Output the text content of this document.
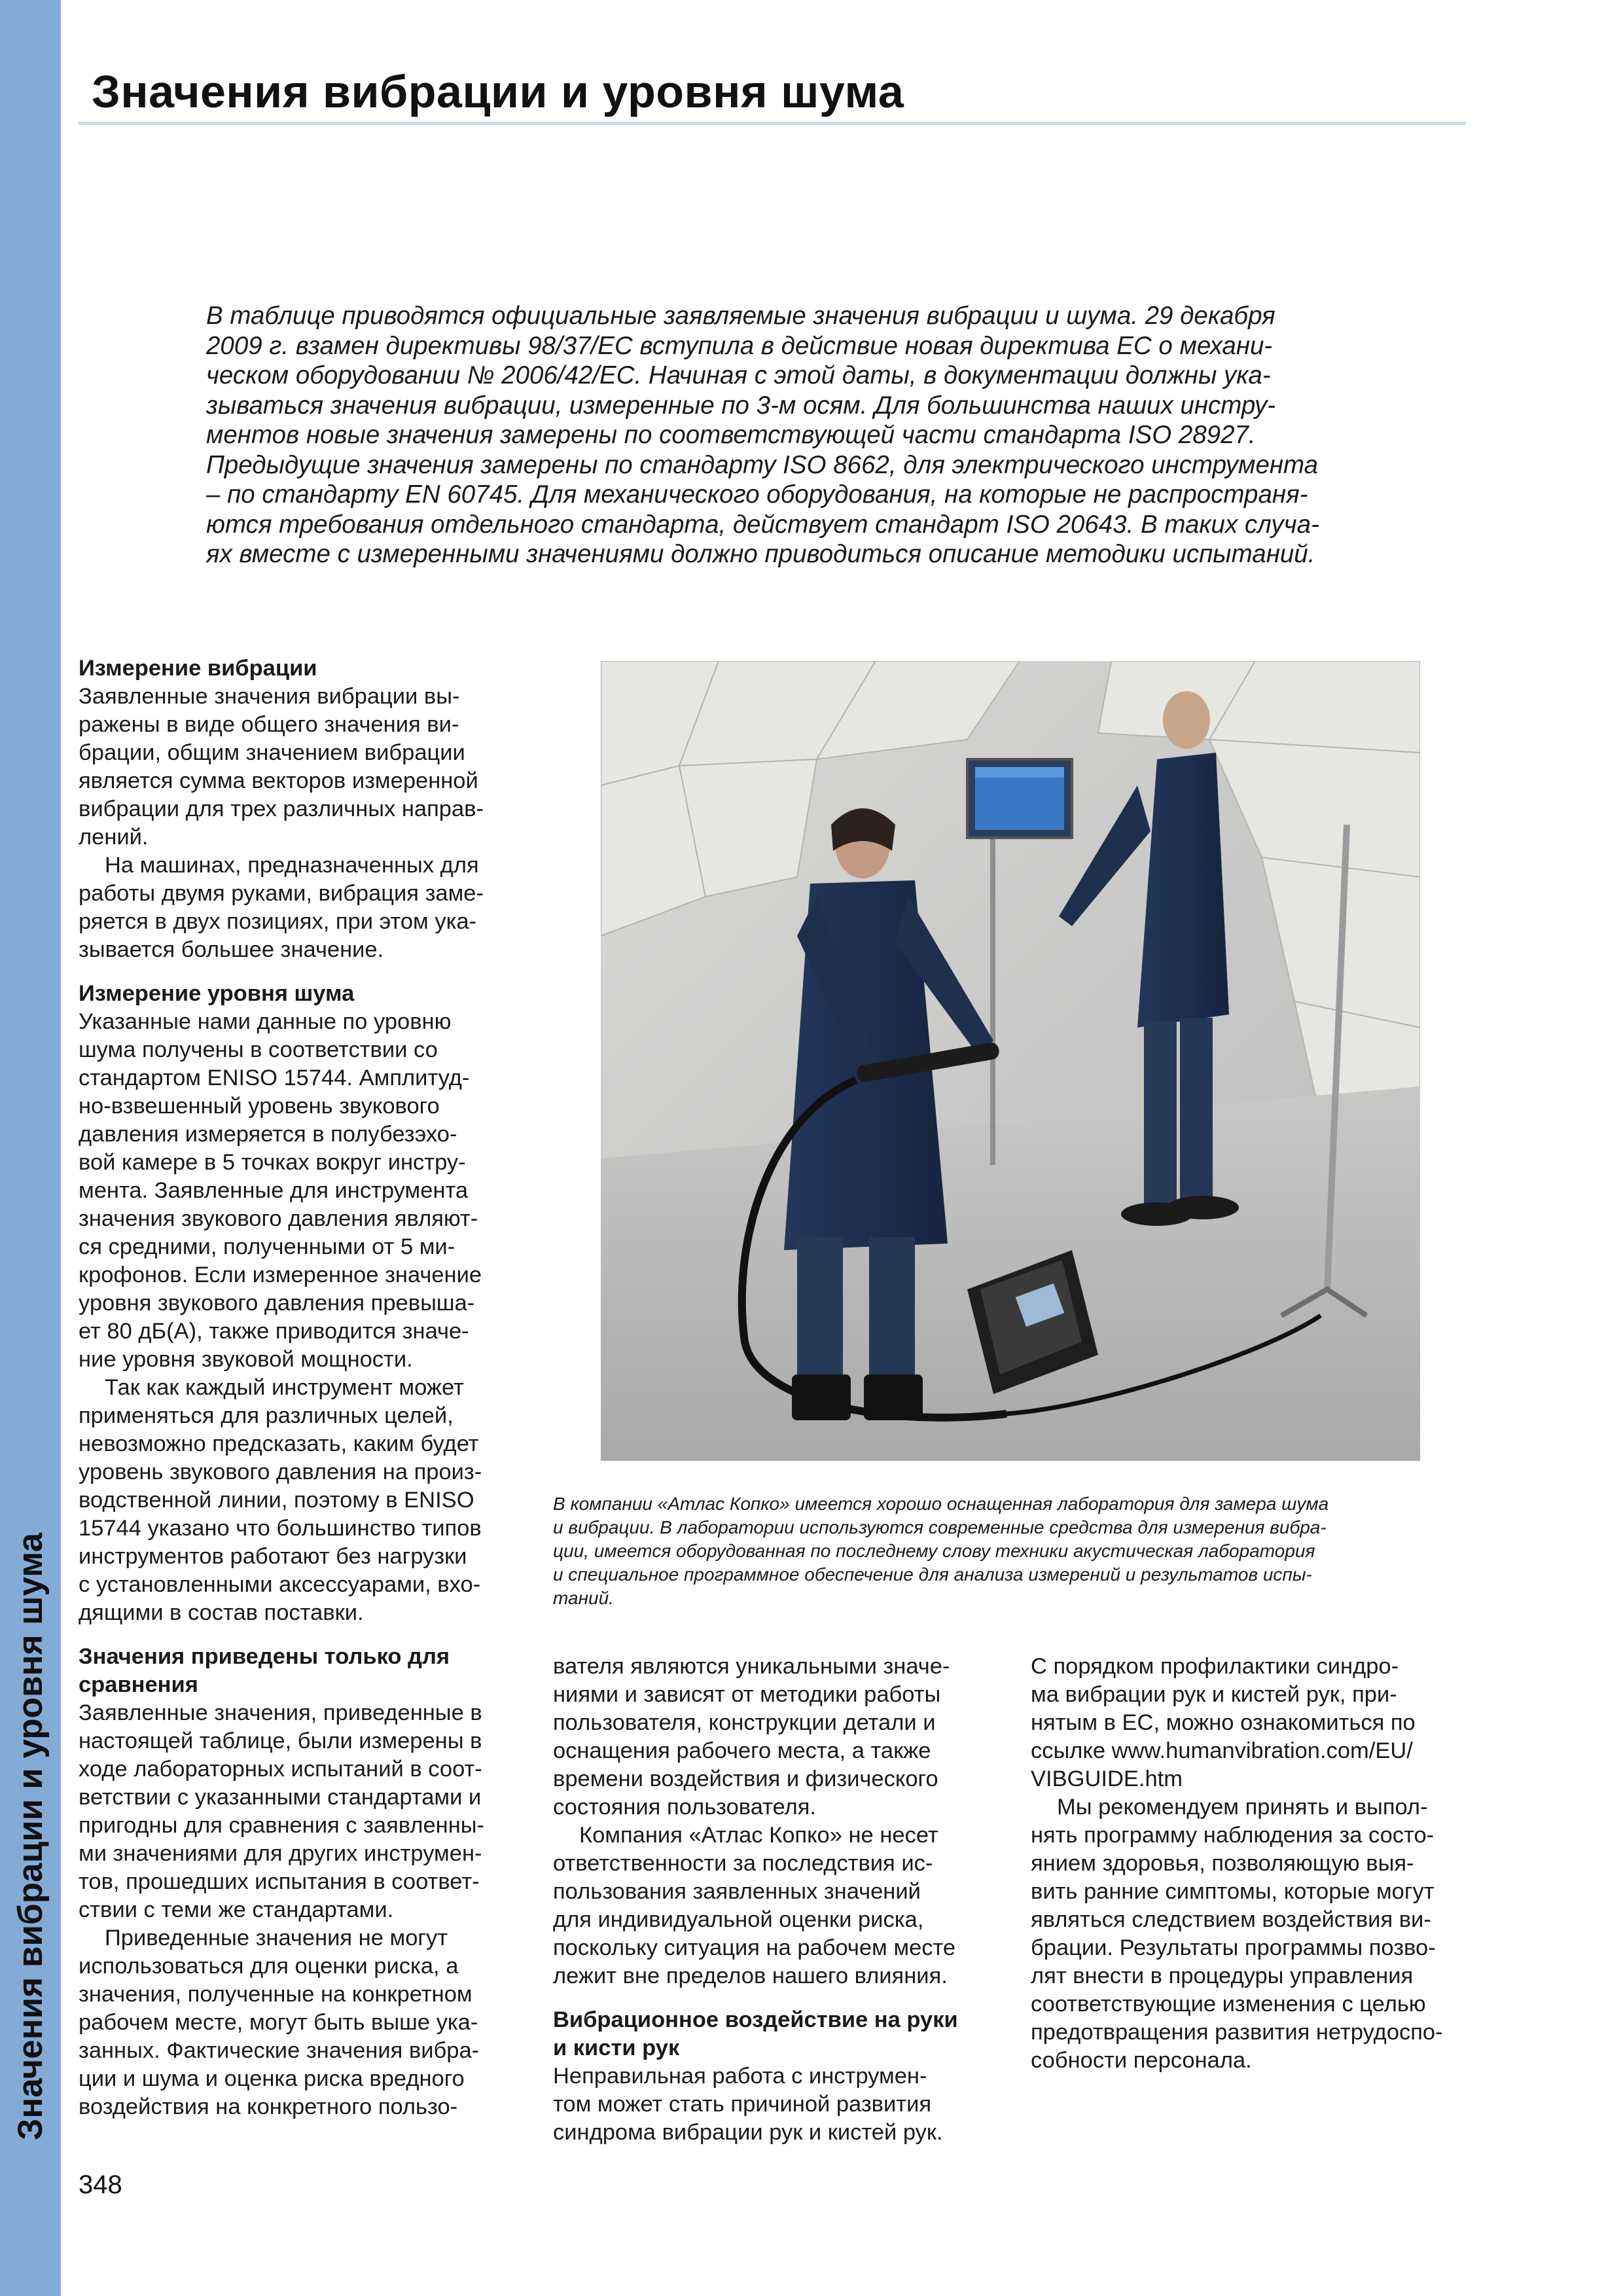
Значения вибрации и уровня шума
Значения вибрации и уровня шума

В таблице приводятся официальные заявляемые значения вибрации и шума. 29 декабря

2009 г. взамен директивы 98/37/ЕС вступила в действие новая директива ЕС о механи-

ческом оборудовании № 2006/42/ЕС. Начиная с этой даты, в документации должны ука-

зываться значения вибрации, измеренные по 3-м осям. Для большинства наших инстру-

ментов новые значения замерены по соответствующей части стандарта ISO 28927.

Предыдущие значения замерены по стандарту ISO 8662, для электрического инструмента

– по стандарту EN 60745. Для механического оборудования, на которые не распространя-

ются требования отдельного стандарта, действует стандарт ISO 20643. В таких случа-

ях вместе с измеренными значениями должно приводиться описание методики испытаний.

Измерение вибрации

Заявленные значения вибрации вы-

ражены в виде общего значения ви-

брации, общим значением вибрации

является сумма векторов измеренной

вибрации для трех различных направ-

лений.

На машинах, предназначенных для

работы двумя руками, вибрация заме-

ряется в двух позициях, при этом ука-

зывается большее значение.

Измерение уровня шума

Указанные нами данные по уровню

шума получены в соответствии со

стандартом ENISO 15744. Амплитуд-

но-взвешенный уровень звукового

давления измеряется в полубезэхо-

вой камере в 5 точках вокруг инстру-

мента. Заявленные для инструмента

значения звукового давления являют-

ся средними, полученными от 5 ми-

крофонов. Если измеренное значение

уровня звукового давления превыша-

ет 80 дБ(А), также приводится значе-

ние уровня звуковой мощности.

Так как каждый инструмент может

применяться для различных целей,

невозможно предсказать, каким будет

уровень звукового давления на произ-

водственной линии, поэтому в ENISO

15744 указано что большинство типов

инструментов работают без нагрузки

с установленными аксессуарами, вхо-

дящими в состав поставки.

Значения приведены только для
сравнения

Заявленные значения, приведенные в

настоящей таблице, были измерены в

ходе лабораторных испытаний в соот-

ветствии с указанными стандартами и

пригодны для сравнения с заявленны-

ми значениями для других инструмен-

тов, прошедших испытания в соответ-

ствии с теми же стандартами.

Приведенные значения не могут

использоваться для оценки риска, а

значения, полученные на конкретном

рабочем месте, могут быть выше ука-

занных. Фактические значения вибра-

ции и шума и оценка риска вредного

воздействия на конкретного пользо-

В компании «Атлас Копко» имеется хорошо оснащенная лаборатория для замера шума

и вибрации. В лаборатории используются современные средства для измерения вибра-

ции, имеется оборудованная по последнему слову техники акустическая лаборатория

и специальное программное обеспечение для анализа измерений и результатов испы-

таний.

вателя являются уникальными значе-

ниями и зависят от методики работы

пользователя, конструкции детали и

оснащения рабочего места, а также

времени воздействия и физического

состояния пользователя.

Компания «Атлас Копко» не несет

ответственности за последствия ис-

пользования заявленных значений

для индивидуальной оценки риска,

поскольку ситуация на рабочем месте

лежит вне пределов нашего влияния.

Вибрационное воздействие на руки
и кисти рук

Неправильная работа с инструмен-

том может стать причиной развития

синдрома вибрации рук и кистей рук.

С порядком профилактики синдро-

ма вибрации рук и кистей рук, при-

нятым в ЕС, можно ознакомиться по

ссылке www.humanvibration.com/EU/

VIBGUIDE.htm

Мы рекомендуем принять и выпол-

нять программу наблюдения за состо-

янием здоровья, позволяющую выя-

вить ранние симптомы, которые могут

являться следствием воздействия ви-

брации. Результаты программы позво-

лят внести в процедуры управления

соответствующие изменения с целью

предотвращения развития нетрудоспо-

собности персонала.

348
